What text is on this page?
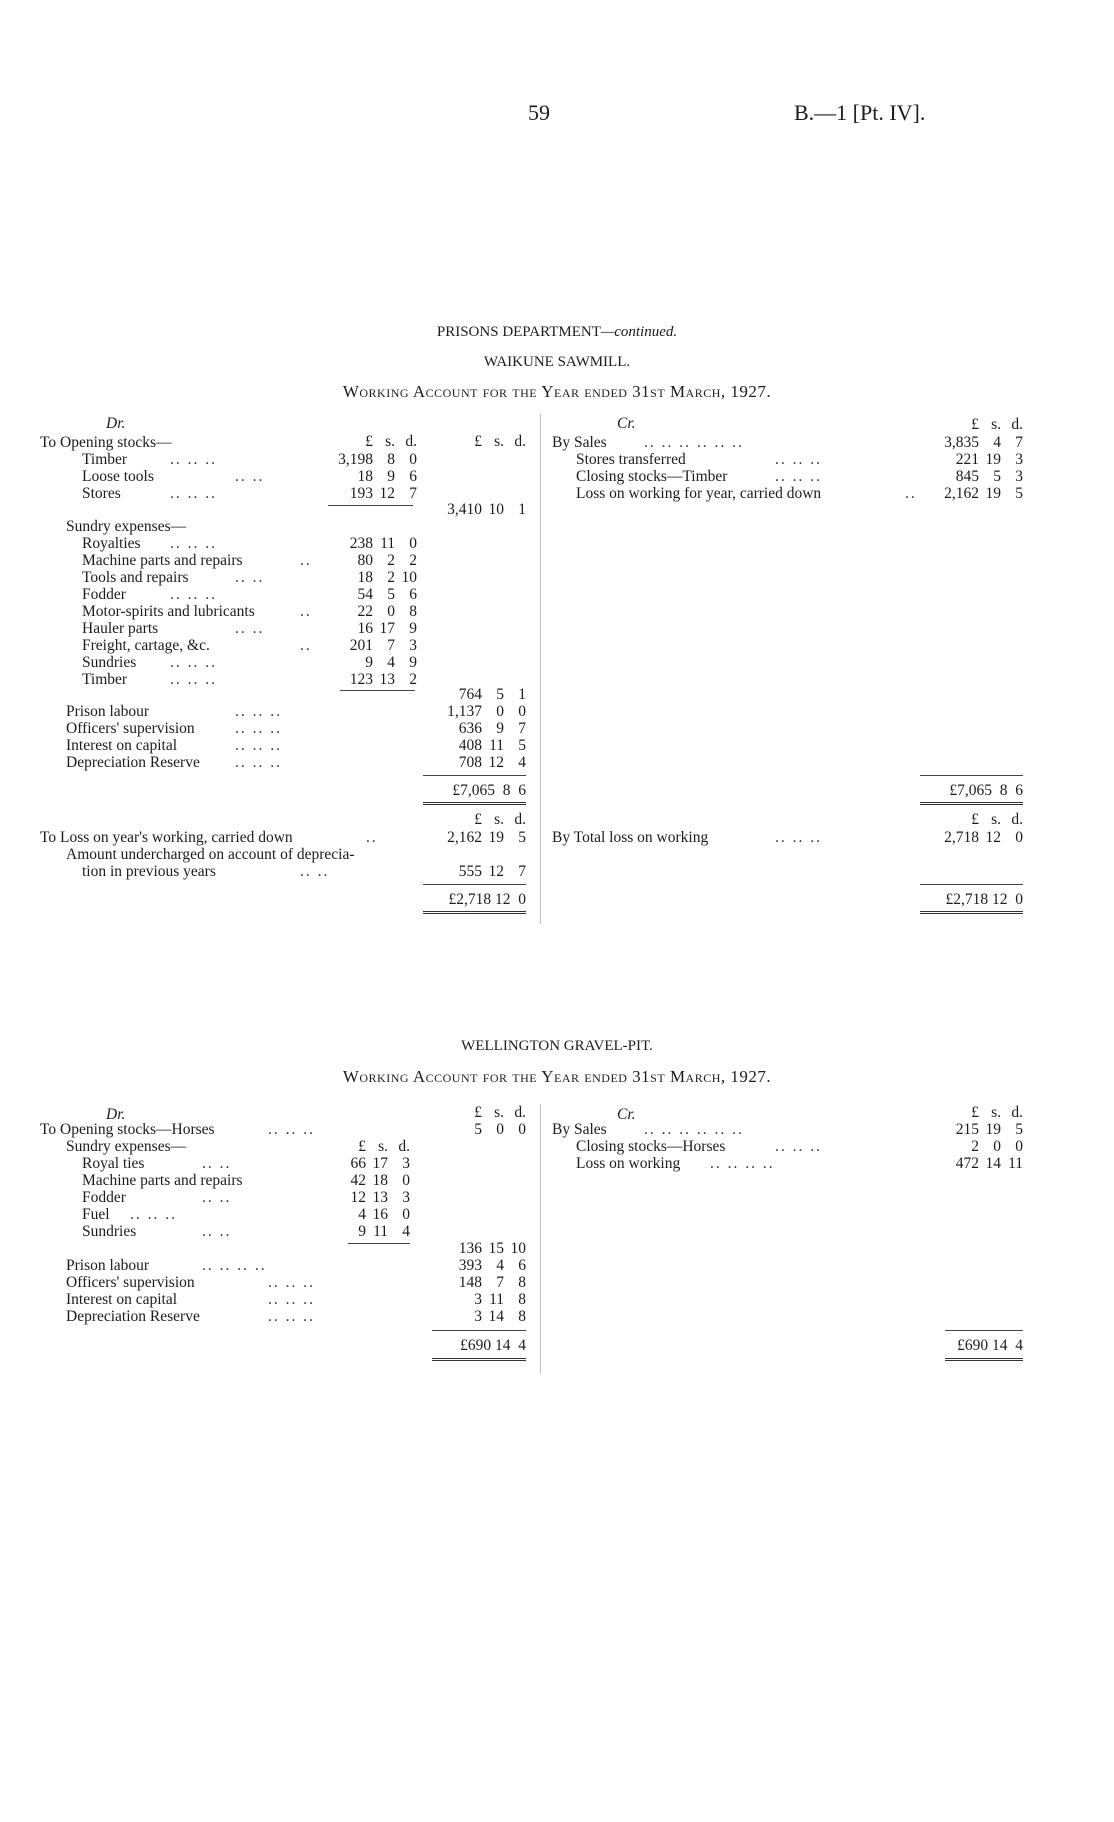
59	B.—1 [Pt. IV].
PRISONS DEPARTMENT—continued.
WAIKUNE SAWMILL.
Working Account for the Year ended 31st March, 1927.
Dr.	Cr.
£ s. d.	£ s. d.
£ s. d.
To Opening stocks—
Timber	.. .. ..	3,198 8 0
Loose tools	.. ..	18 9 6
Stores	.. .. ..	193 12 7
3,410 10 1
Sundry expenses—
Royalties .. .. ..	238 11 0
Machine parts and repairs	..	80 2 2
Tools and repairs	.. ..	18 2 10
Fodder	.. .. ..	54 5 6
Motor-spirits and lubricants	..	22 0 8
Hauler parts	.. ..	16 17 9
Freight, cartage, &c.	..	201 7 3
Sundries .. .. ..	9 4 9
Timber	.. .. ..	123 13 2
764 5 1
Prison labour	.. .. ..	1,137 0 0
Officers' supervision	.. .. ..	636 9 7
Interest on capital	.. .. ..	408 11 5
Depreciation Reserve .. .. ..	708 12 4
£7,065  8  6
By Sales .. .. .. .. .. ..	3,835 4 7
Stores transferred	.. .. ..	221 19 3
Closing stocks—Timber	.. .. ..	845 5 3
Loss on working for year, carried down	..	2,162 19 5
£7,065  8  6
£ s. d.	£ s. d.
To Loss on year's working, carried down	..	2,162 19 5
Amount undercharged on account of deprecia-
tion in previous years	.. ..	555 12 7
£2,718 12  0
By Total loss on working	.. .. ..	2,718 12 0
£2,718 12  0
WELLINGTON GRAVEL-PIT.
Working Account for the Year ended 31st March, 1927.
Dr.	Cr.
£ s. d.	£ s. d.
£ s. d.
To Opening stocks—Horses	.. .. ..	5 0 0
Sundry expenses—
Royal ties	.. ..	66 17 3
Machine parts and repairs	42 18 0
Fodder	.. ..	12 13 3
Fuel .. .. ..	4 16 0
Sundries	.. ..	9 11 4
136 15 10
Prison labour	.. .. .. ..	393 4 6
Officers' supervision	.. .. ..	148 7 8
Interest on capital	.. .. ..	3 11 8
Depreciation Reserve	.. .. ..	3 14 8
£690 14  4
By Sales .. .. .. .. .. ..	215 19 5
Closing stocks—Horses	.. .. ..	2 0 0
Loss on working .. .. .. ..	472 14 11
£690 14  4
